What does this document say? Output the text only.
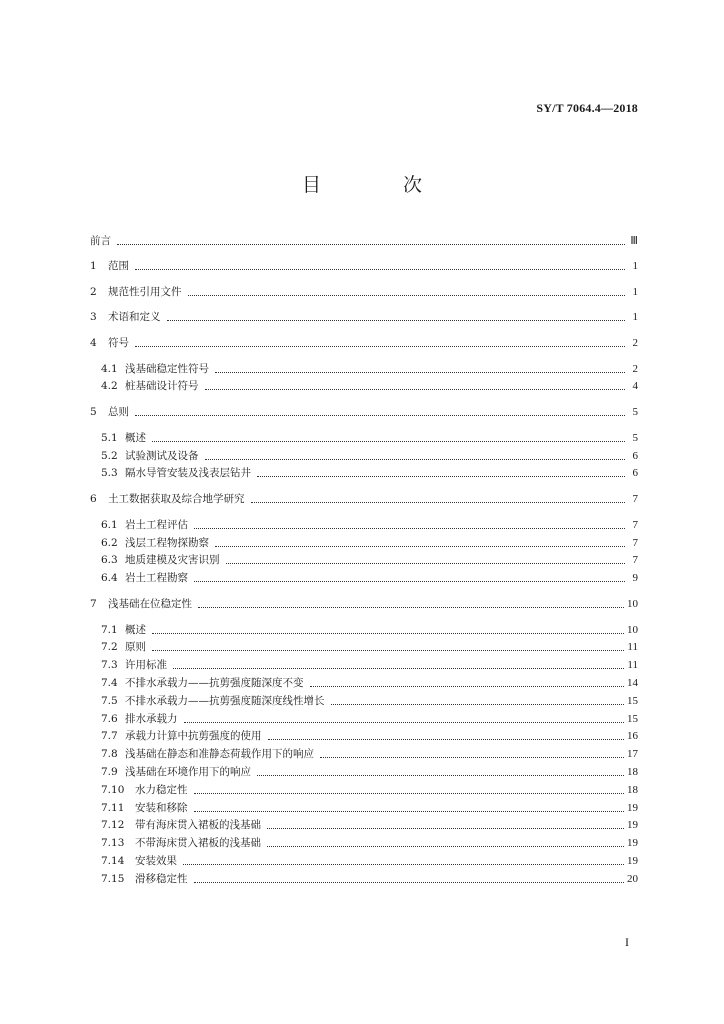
SY/T 7064.4—2018
目 次
前言	Ⅲ
1	范围	1
2	规范性引用文件	1
3	术语和定义	1
4	符号	2
4.1 浅基础稳定性符号	2
4.2 桩基础设计符号	4
5	总则	5
5.1 概述	5
5.2 试验测试及设备	6
5.3 隔水导管安装及浅表层钻井	6
6	土工数据获取及综合地学研究	7
6.1 岩土工程评估	7
6.2 浅层工程物探勘察	7
6.3 地质建模及灾害识别	7
6.4 岩土工程勘察	9
7	浅基础在位稳定性	10
7.1 概述	10
7.2 原则	11
7.3 许用标准	11
7.4 不排水承载力——抗剪强度随深度不变	14
7.5 不排水承载力——抗剪强度随深度线性增长	15
7.6 排水承载力	15
7.7 承载力计算中抗剪强度的使用	16
7.8 浅基础在静态和准静态荷载作用下的响应	17
7.9 浅基础在环境作用下的响应	18
7.10	水力稳定性	18
7.11	安装和移除	19
7.12	带有海床贯入裙板的浅基础	19
7.13	不带海床贯入裙板的浅基础	19
7.14	安装效果	19
7.15	滑移稳定性	20
I
